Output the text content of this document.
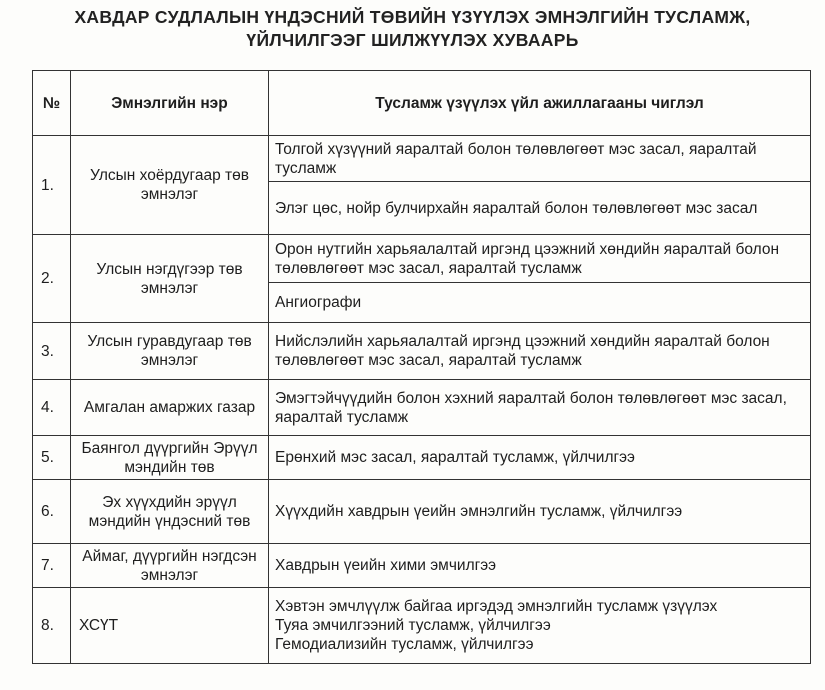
ХАВДАР СУДЛАЛЫН ҮНДЭСНИЙ ТӨВИЙН ҮЗҮҮЛЭХ ЭМНЭЛГИЙН ТУСЛАМЖ,
ҮЙЛЧИЛГЭЭГ ШИЛЖҮҮЛЭХ ХУВААРЬ
№	Эмнэлгийн нэр	Тусламж үзүүлэх үйл ажиллагааны чиглэл
1.	Улсын хоёрдугаар төв эмнэлэг	Толгой хүзүүний яаралтай болон төлөвлөгөөт мэс засал, яаралтай тусламж
		Элэг цөс, нойр булчирхайн яаралтай болон төлөвлөгөөт мэс засал
2.	Улсын нэгдүгээр төв эмнэлэг	Орон нутгийн харьяалалтай иргэнд цээжний хөндийн яаралтай болон төлөвлөгөөт мэс засал, яаралтай тусламж
		Ангиографи
3.	Улсын гуравдугаар төв эмнэлэг	Нийслэлийн харьяалалтай иргэнд цээжний хөндийн яаралтай болон төлөвлөгөөт мэс засал, яаралтай тусламж
4.	Амгалан амаржих газар	Эмэгтэйчүүдийн болон хэхний яаралтай болон төлөвлөгөөт мэс засал, яаралтай тусламж
5.	Баянгол дүүргийн Эрүүл мэндийн төв	Ерөнхий мэс засал, яаралтай тусламж, үйлчилгээ
6.	Эх хүүхдийн эрүүл мэндийн үндэсний төв	Хүүхдийн хавдрын үеийн эмнэлгийн тусламж, үйлчилгээ
7.	Аймаг, дүүргийн нэгдсэн эмнэлэг	Хавдрын үеийн хими эмчилгээ
8.	ХСҮТ	Хэвтэн эмчлүүлж байгаа иргэдэд эмнэлгийн тусламж үзүүлэх
Туяа эмчилгээний тусламж, үйлчилгээ
Гемодиализийн тусламж, үйлчилгээ
